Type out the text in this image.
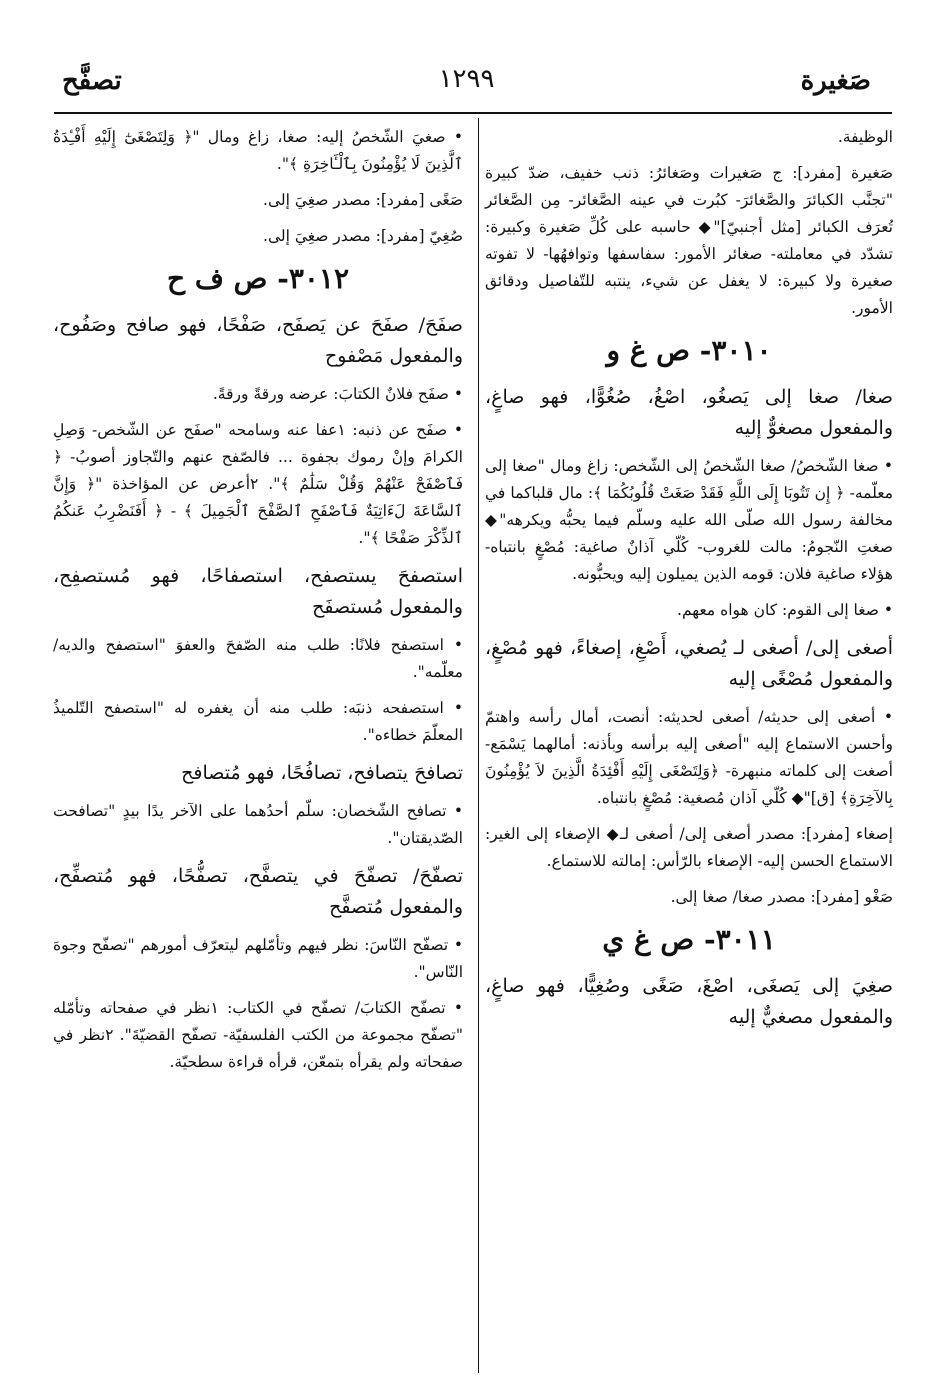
صَغيرة
١٢٩٩
تصفَّح

الوظيفة.

صَغيرة [مفرد]: ج صَغيرات وصَغائرُ: ذنب خفيف، ضدّ كبيرة "تجنَّب الكبائرَ والصَّغائرَ- كبُرت في عينه الصَّغائر- مِن الصَّغائر تُعرَف الكبائر [مثل أجنبيّ]"◆ حاسبه على كُلِّ صَغيرة وكبيرة: تشدّد في معاملته- صغائر الأمور: سفاسفها وتوافهُها- لا تفوته صغيرة ولا كبيرة: لا يغفل عن شيء، ينتبه للتّفاصيل ودقائق الأمور.

٣٠١٠- ص غ و

صغا/ صغا إلى يَصغُو، اصْغُ، صُغُوًّا، فهو صاغٍ، والمفعول مصغوٌّ إليه

• صغا الشّخصُ/ صغا الشّخصُ إلى الشّخص: زاغ ومال "صغا إلى معلّمه- ﴿ إِن تَتُوبَا إِلَى اللَّهِ فَقَدْ صَغَتْ قُلُوبُكُمَا ﴾: مال قلباكما في مخالفة رسول الله صلّى الله عليه وسلّم فيما يحبُّه ويكرهه"◆ صغتِ النّجومُ: مالت للغروب- كُلّي آذانٌ صاغية: مُصْغٍ بانتباه- هؤلاء صاغية فلان: قومه الذين يميلون إليه ويحبُّونه.

• صغا إلى القوم: كان هواه معهم.

أصغى إلى/ أصغى لـ يُصغي، أَصْغِ، إصغاءً، فهو مُصْغٍ، والمفعول مُصْغًى إليه

• أصغى إلى حديثه/ أصغى لحديثه: أنصت، أمال رأسه واهتمّ وأحسن الاستماع إليه "أصغى إليه برأسه وبأذنه: أمالهما يَسْمَع- أصغت إلى كلماته منبهرة- ﴿وَلِتَصْغَى إِلَيْهِ أَفْئِدَةُ الَّذِينَ لاَ يُؤْمِنُونَ بِالآخِرَةِ﴾ [ق]"◆ كُلّي آذان مُصغية: مُصْغٍ بانتباه.

إصغاء [مفرد]: مصدر أصغى إلى/ أصغى لـ◆ الإصغاء إلى الغير: الاستماع الحسن إليه- الإصغاء بالرّأس: إمالته للاستماع.

صَغْو [مفرد]: مصدر صغا/ صغا إلى.

٣٠١١- ص غ ي

صغِيَ إلى يَصغَى، اصْغَ، صَغًى وصُغِيًّا، فهو صاغٍ، والمفعول مصغيٌّ إليه

• صغيَ الشّخصُ إليه: صغا، زاغ ومال "﴿ وَلِتَصْغَىٰٓ إِلَيْهِ أَفْـِٔدَةُ ٱلَّذِينَ لَا يُؤْمِنُونَ بِٱلْـَٔاخِرَةِ ﴾".

صَغًى [مفرد]: مصدر صغِيَ إلى.

صُغِيّ [مفرد]: مصدر صغِيَ إلى.

٣٠١٢- ص ف ح

صفَحَ/ صفَحَ عن يَصفَح، صَفْحًا، فهو صافح وصَفُوح، والمفعول مَصْفوح

• صفَح فلانٌ الكتابَ: عرضه ورقةً ورقةً.

• صفَح عن ذنبه: ١عفا عنه وسامحه "صفَح عن الشّخص- وَصِلِ الكرامَ وإنْ رموك بجفوة ... فالصّفح عنهم والتّجاوز أصوبُ- ﴿ فَٱصْفَحْ عَنْهُمْ وَقُلْ سَلَٰمٌ ﴾". ٢أعرض عن المؤاخذة "﴿ وَإِنَّ ٱلسَّاعَةَ لَءَاتِيَةٌ فَٱصْفَحِ ٱلصَّفْحَ ٱلْجَمِيلَ ﴾ - ﴿ أَفَنَضْرِبُ عَنكُمُ ٱلذِّكْرَ صَفْحًا ﴾".

استصفحَ يستصفح، استصفاحًا، فهو مُستصفِح، والمفعول مُستصفَح

• استصفح فلانًا: طلب منه الصّفحَ والعفوَ "استصفح والديه/ معلّمه".

• استصفحه ذنبَه: طلب منه أن يغفره له "استصفح التّلميذُ المعلّمَ خطاءه".

تصافحَ يتصافح، تصافُحًا، فهو مُتصافح

• تصافح الشّخصان: سلّم أحدُهما على الآخر يدًا بيدٍ "تصافحت الصّديقتان".

تصفّحَ/ تصفّحَ في يتصفَّح، تصفُّحًا، فهو مُتصفِّح، والمفعول مُتصفَّح

• تصفّح النّاسَ: نظر فيهم وتأمّلهم ليتعرّف أمورهم "تصفّح وجوهَ النّاس".

• تصفّح الكتابَ/ تصفّح في الكتاب: ١نظر في صفحاته وتأمّله "تصفّح مجموعة من الكتب الفلسفيّة- تصفّح القضيّةَ". ٢نظر في صفحاته ولم يقرأه بتمعّن، قرأه قراءة سطحيّة.
